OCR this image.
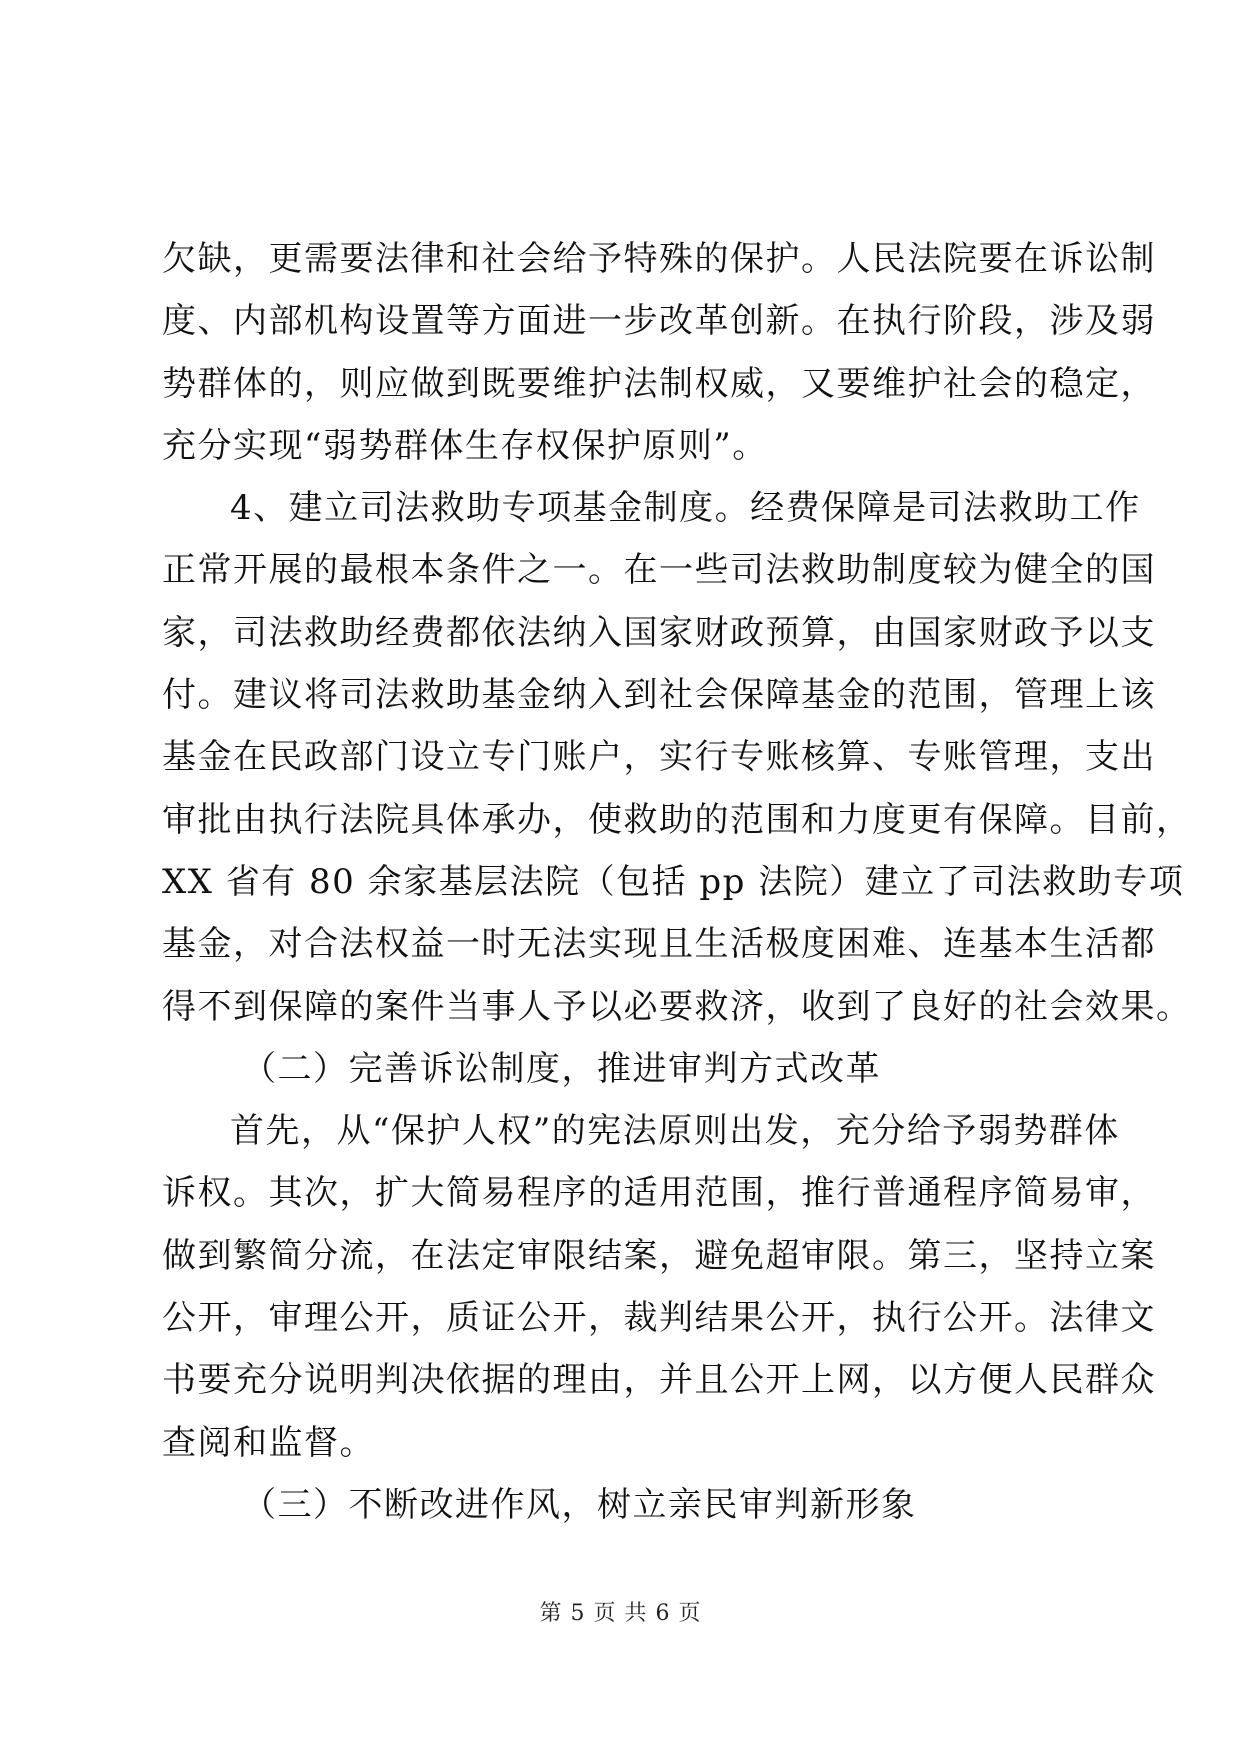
欠缺，更需要法律和社会给予特殊的保护。人民法院要在诉讼制
度、内部机构设置等方面进一步改革创新。在执行阶段，涉及弱
势群体的，则应做到既要维护法制权威，又要维护社会的稳定，
充分实现“弱势群体生存权保护原则”。
4、建立司法救助专项基金制度。经费保障是司法救助工作
正常开展的最根本条件之一。在一些司法救助制度较为健全的国
家，司法救助经费都依法纳入国家财政预算，由国家财政予以支
付。建议将司法救助基金纳入到社会保障基金的范围，管理上该
基金在民政部门设立专门账户，实行专账核算、专账管理，支出
审批由执行法院具体承办，使救助的范围和力度更有保障。目前，
XX 省有 80 余家基层法院（包括 pp 法院）建立了司法救助专项
基金，对合法权益一时无法实现且生活极度困难、连基本生活都
得不到保障的案件当事人予以必要救济，收到了良好的社会效果。
（二）完善诉讼制度，推进审判方式改革
首先，从“保护人权”的宪法原则出发，充分给予弱势群体
诉权。其次，扩大简易程序的适用范围，推行普通程序简易审，
做到繁简分流，在法定审限结案，避免超审限。第三，坚持立案
公开，审理公开，质证公开，裁判结果公开，执行公开。法律文
书要充分说明判决依据的理由，并且公开上网，以方便人民群众
查阅和监督。
（三）不断改进作风，树立亲民审判新形象
第 5 页 共 6 页
